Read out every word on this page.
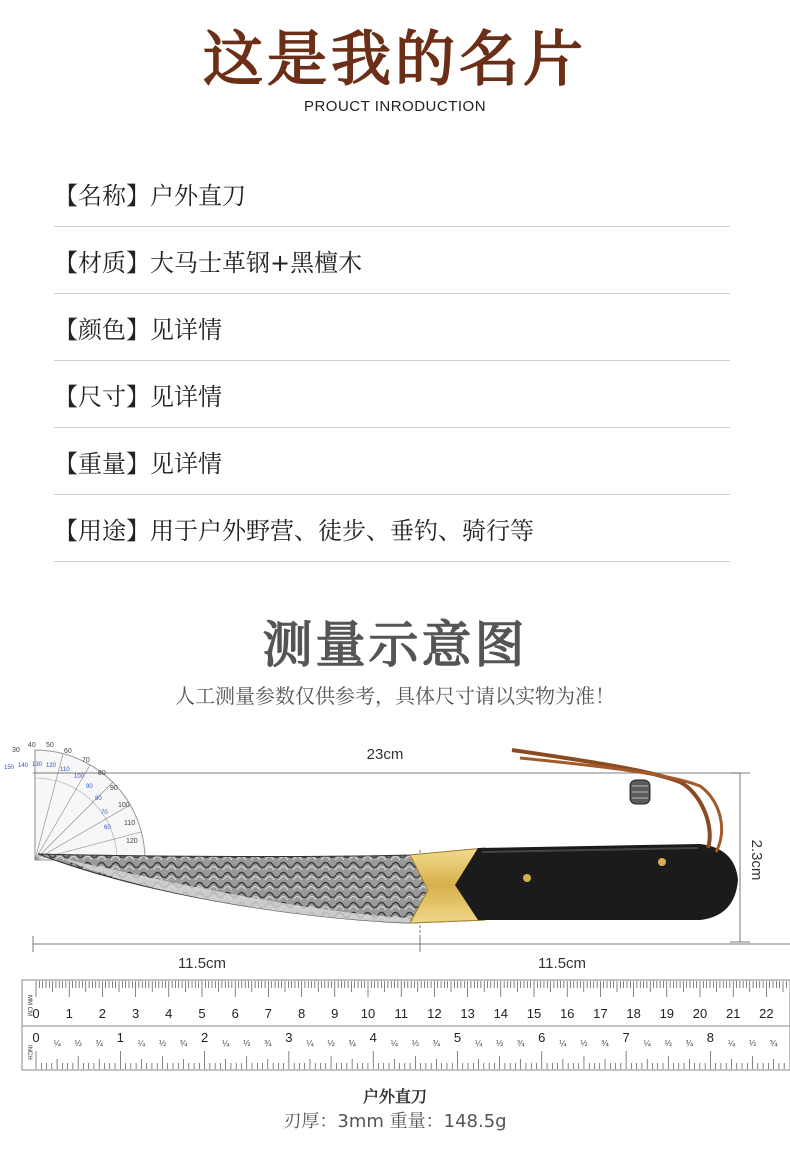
这是我的名片
PROUCT INRODUCTION
【名称】 户外直刀
【材质】 大马士革钢+黑檀木
【颜色】 见详情
【尺寸】 见详情
【重量】 见详情
【用途】 用于户外野营、徒步、垂钓、骑行等
测量示意图
人工测量参数仅供参考，具体尺寸请以实物为准！
30
40 50
60
70
80
90
100
110
120
150 140 130 120
110
100
90
80
70
60
23cm
2.3cm
11.5cm	11.5cm
MM CM
INCH
0 1 2 3 4 5 6 7 8 9 10 11 12 13 14 15 16 17 18 19 20 21 22
0	1	2	3	4	5	6	7	8
¼ ½ ¾	¼ ½ ¾	¼ ½ ¾	¼ ½ ¾	¼ ½ ¾	¼ ½ ¾	¼ ½ ¾	¼ ½ ¾	¼ ½ ¾
户外直刀
刃厚：3mm 重量：148.5g
